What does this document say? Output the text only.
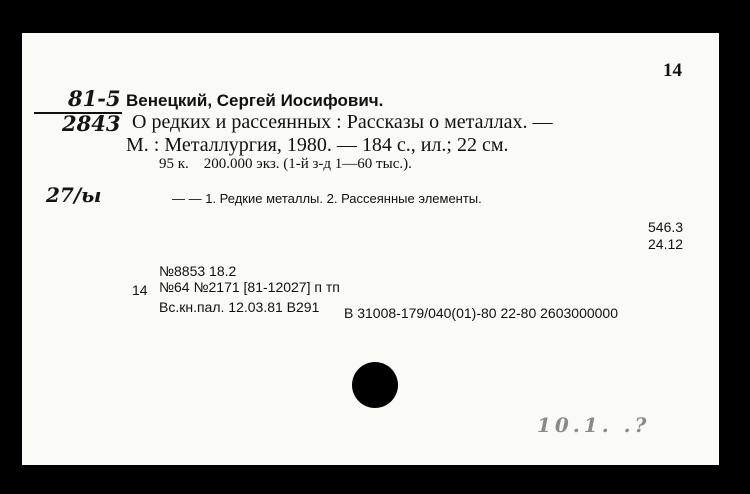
14
81-5
2843
Венецкий, Сергей Иосифович.
О редких и рассеянных : Рассказы о металлах. —
М. : Металлургия, 1980. — 184 с., ил.; 22 см.
95 к.    200.000 экз. (1-й з-д 1—60 тыс.).
27/ы	— — 1. Редкие металлы. 2. Рассеянные элементы.
546.3
24.12
№8853 18.2
14 №64 №2171 [81-12027] п тп
Вс.кн.пал. 12.03.81 В291 В 31008-179/040(01)-80 22-80 2603000000
10.1. .?
